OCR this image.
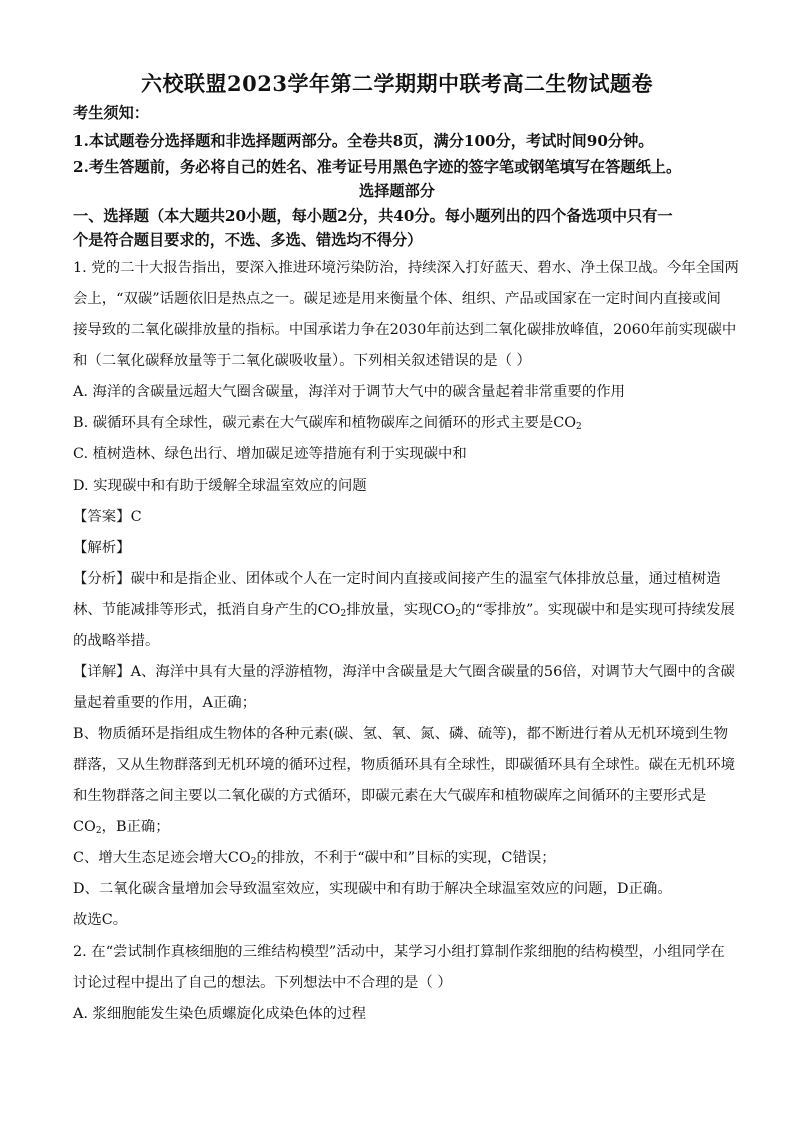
六校联盟2023学年第二学期期中联考高二生物试题卷
考生须知：
1.本试题卷分选择题和非选择题两部分。全卷共8页，满分100分，考试时间90分钟。
2.考生答题前，务必将自己的姓名、准考证号用黑色字迹的签字笔或钢笔填写在答题纸上。
选择题部分
一、选择题（本大题共20小题，每小题2分，共40分。每小题列出的四个备选项中只有一
个是符合题目要求的，不选、多选、错选均不得分）
1. 党的二十大报告指出，要深入推进环境污染防治，持续深入打好蓝天、碧水、净土保卫战。今年全国两
会上，“双碳”话题依旧是热点之一。碳足迹是用来衡量个体、组织、产品或国家在一定时间内直接或间
接导致的二氧化碳排放量的指标。中国承诺力争在2030年前达到二氧化碳排放峰值，2060年前实现碳中
和（二氧化碳释放量等于二氧化碳吸收量）。下列相关叙述错误的是（ ）
A. 海洋的含碳量远超大气圈含碳量，海洋对于调节大气中的碳含量起着非常重要的作用
B. 碳循环具有全球性，碳元素在大气碳库和植物碳库之间循环的形式主要是$CO_2$
C. 植树造林、绿色出行、增加碳足迹等措施有利于实现碳中和
D. 实现碳中和有助于缓解全球温室效应的问题
【答案】C
【解析】
【分析】碳中和是指企业、团体或个人在一定时间内直接或间接产生的温室气体排放总量，通过植树造
林、节能减排等形式，抵消自身产生的$CO_2$排放量，实现$CO_2$的“零排放”。实现碳中和是实现可持续发展
的战略举措。
【详解】A、海洋中具有大量的浮游植物，海洋中含碳量是大气圈含碳量的56倍，对调节大气圈中的含碳
量起着重要的作用，A正确；
B、物质循环是指组成生物体的各种元素(碳、氢、氧、氮、磷、硫等)，都不断进行着从无机环境到生物
群落，又从生物群落到无机环境的循环过程，物质循环具有全球性，即碳循环具有全球性。碳在无机环境
和生物群落之间主要以二氧化碳的方式循环，即碳元素在大气碳库和植物碳库之间循环的主要形式是
$CO_2$，B正确；
C、增大生态足迹会增大$CO_2$的排放，不利于“碳中和”目标的实现，C错误；
D、二氧化碳含量增加会导致温室效应，实现碳中和有助于解决全球温室效应的问题，D正确。
故选C。
2. 在“尝试制作真核细胞的三维结构模型”活动中，某学习小组打算制作浆细胞的结构模型，小组同学在
讨论过程中提出了自己的想法。下列想法中不合理的是（ ）
A. 浆细胞能发生染色质螺旋化成染色体的过程
